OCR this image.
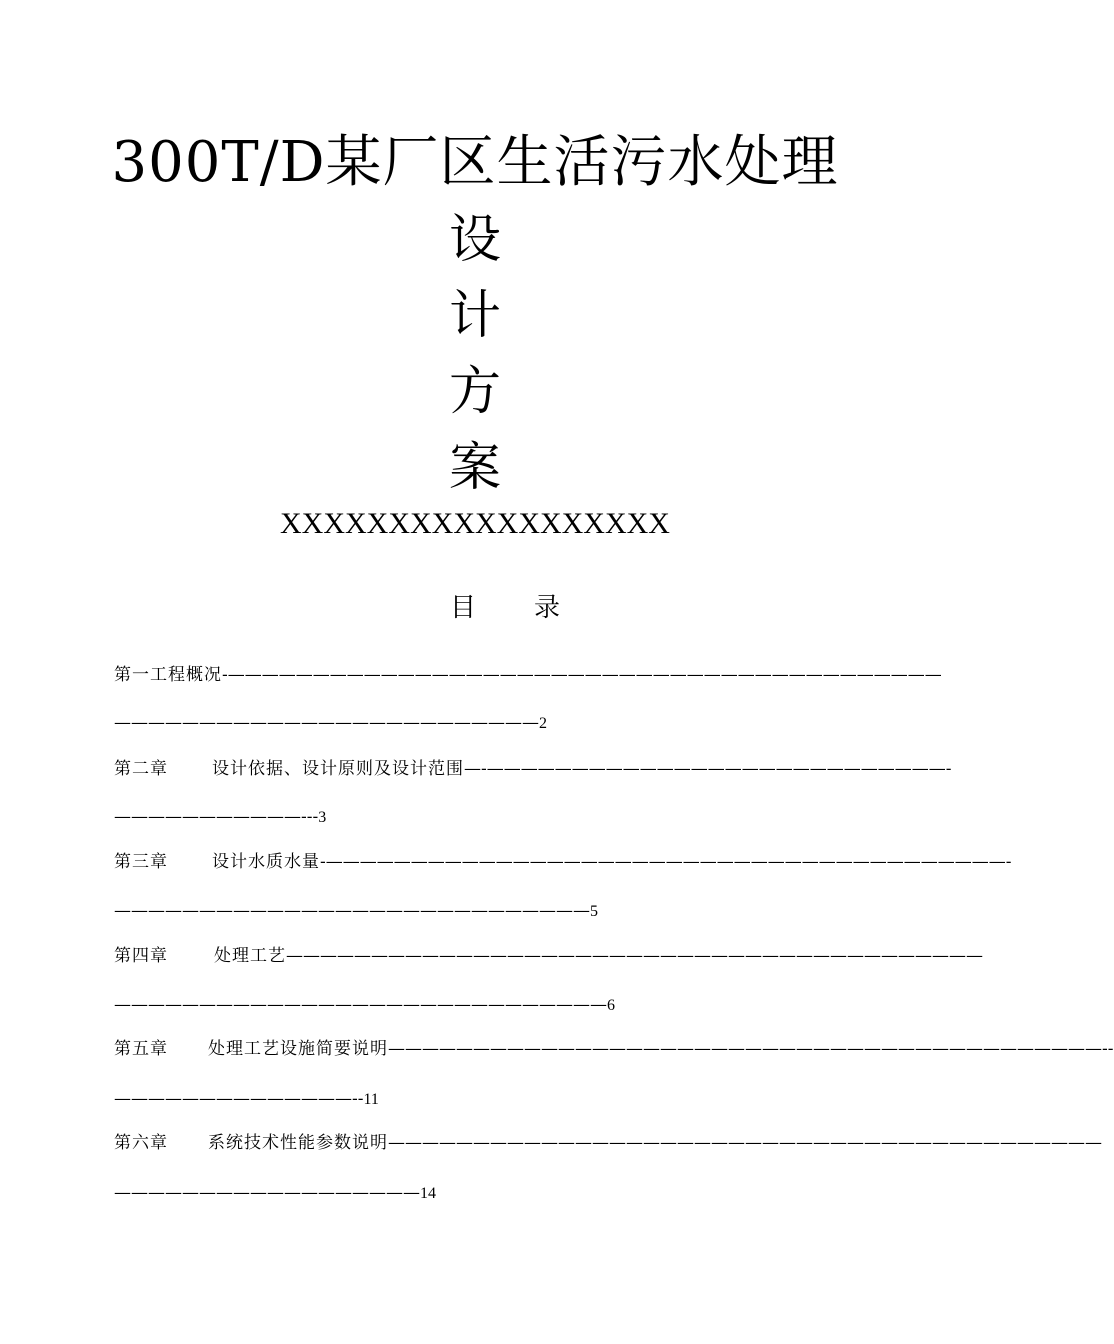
300T/D某厂区生活污水处理
设
计
方
案
XXXXXXXXXXXXXXXXXX
目 录
第一工程概况-——————————————————————————————————————————
—————————————————————————2
第二章	设计依据、设计原则及设计范围—-———————————————————————————-
———————————---3
第三章	设计水质水量-————————————————————————————————————————-
————————————————————————————5
第四章	处理工艺—————————————————————————————————————————
—————————————————————————————6
第五章 处理工艺设施简要说明——————————————————————————————————————————--
——————————————--11
第六章 系统技术性能参数说明——————————————————————————————————————————
——————————————————14
